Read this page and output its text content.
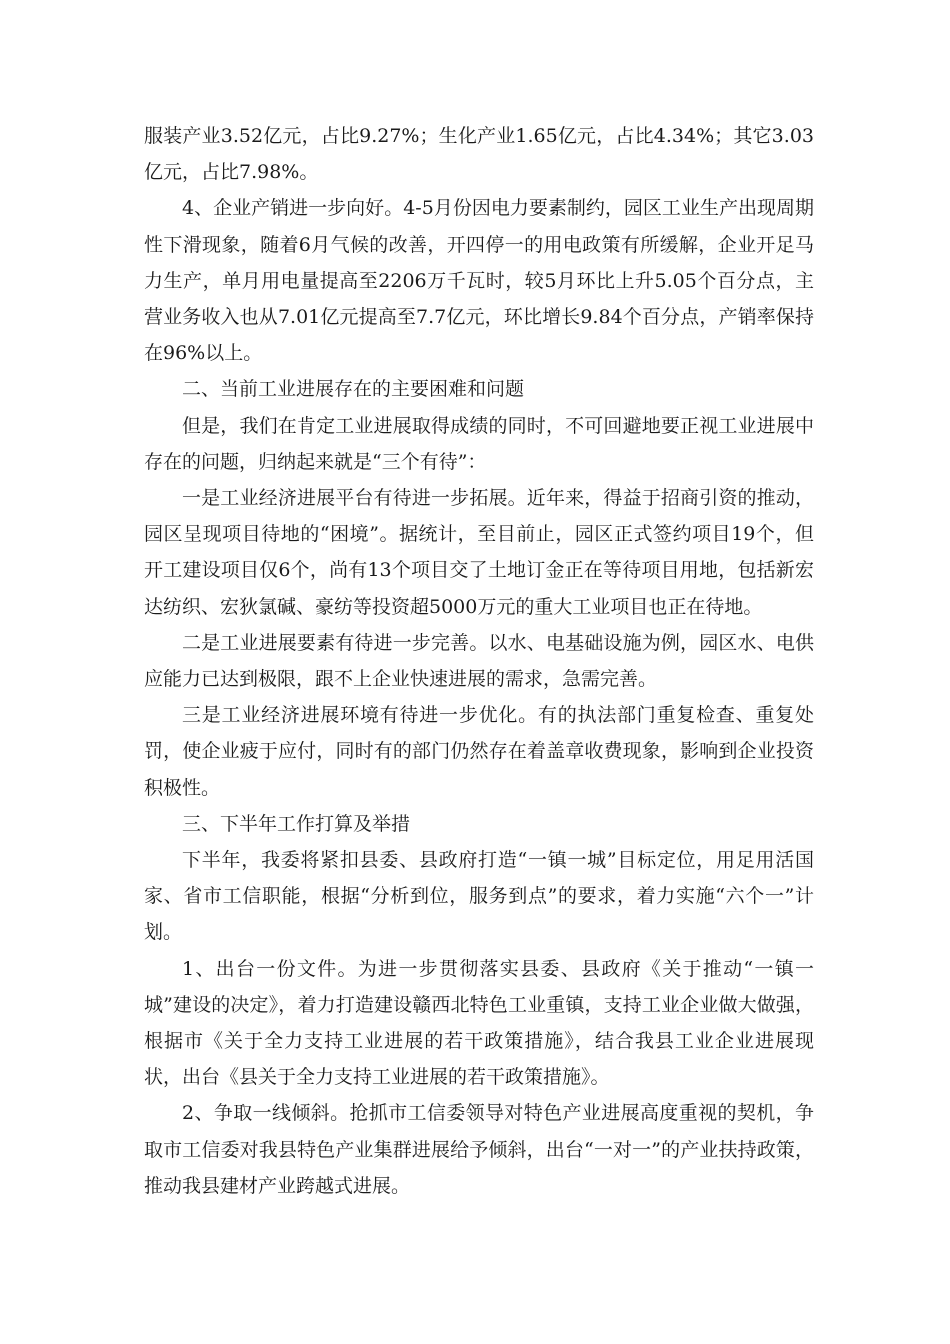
服装产业3.52亿元，占比9.27%；生化产业1.65亿元，占比4.34%；其它3.03亿元，占比7.98%。

4、企业产销进一步向好。4-5月份因电力要素制约，园区工业生产出现周期性下滑现象，随着6月气候的改善，开四停一的用电政策有所缓解，企业开足马力生产，单月用电量提高至2206万千瓦时，较5月环比上升5.05个百分点，主营业务收入也从7.01亿元提高至7.7亿元，环比增长9.84个百分点，产销率保持在96%以上。

二、当前工业进展存在的主要困难和问题

但是，我们在肯定工业进展取得成绩的同时，不可回避地要正视工业进展中存在的问题，归纳起来就是“三个有待”：

一是工业经济进展平台有待进一步拓展。近年来，得益于招商引资的推动，园区呈现项目待地的“困境”。据统计，至目前止，园区正式签约项目19个，但开工建设项目仅6个，尚有13个项目交了土地订金正在等待项目用地，包括新宏达纺织、宏狄氯碱、豪纺等投资超5000万元的重大工业项目也正在待地。

二是工业进展要素有待进一步完善。以水、电基础设施为例，园区水、电供应能力已达到极限，跟不上企业快速进展的需求，急需完善。

三是工业经济进展环境有待进一步优化。有的执法部门重复检查、重复处罚，使企业疲于应付，同时有的部门仍然存在着盖章收费现象，影响到企业投资积极性。

三、下半年工作打算及举措

下半年，我委将紧扣县委、县政府打造“一镇一城”目标定位，用足用活国家、省市工信职能，根据“分析到位，服务到点”的要求，着力实施“六个一”计划。

1、出台一份文件。为进一步贯彻落实县委、县政府《关于推动“一镇一城”建设的决定》，着力打造建设赣西北特色工业重镇，支持工业企业做大做强，根据市《关于全力支持工业进展的若干政策措施》，结合我县工业企业进展现状，出台《县关于全力支持工业进展的若干政策措施》。

2、争取一线倾斜。抢抓市工信委领导对特色产业进展高度重视的契机，争取市工信委对我县特色产业集群进展给予倾斜，出台“一对一”的产业扶持政策，推动我县建材产业跨越式进展。
